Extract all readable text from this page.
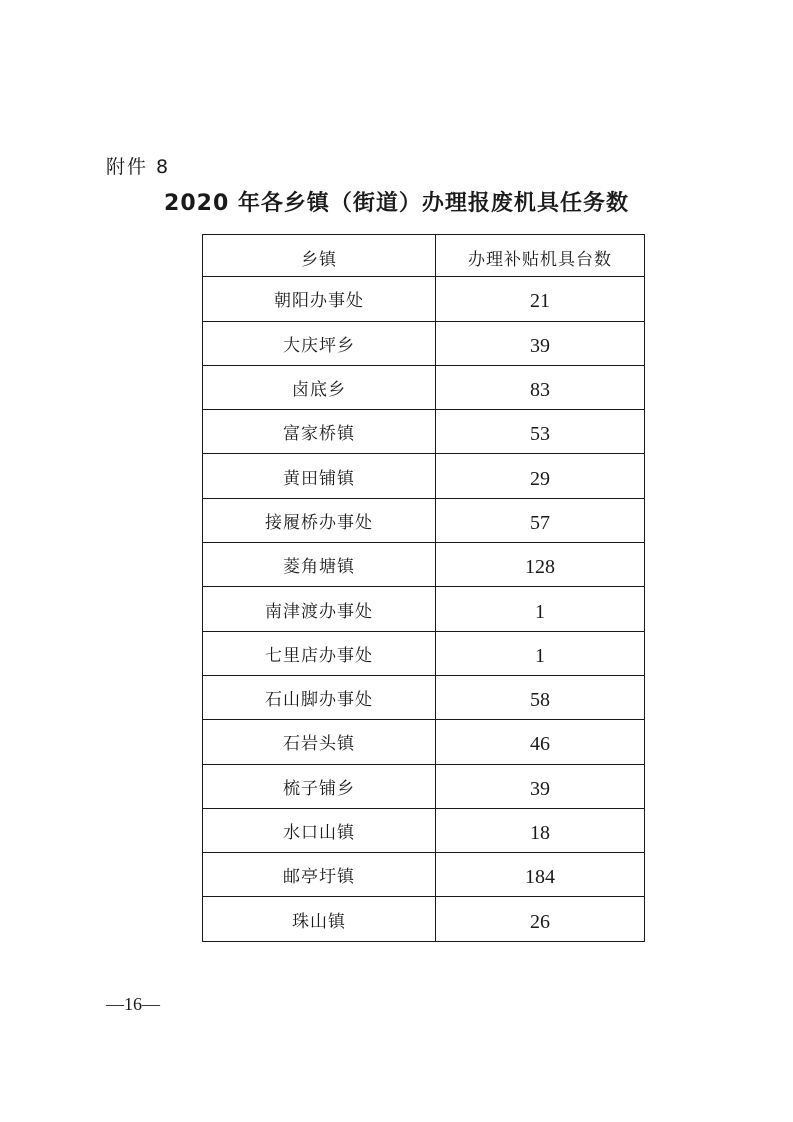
附件 8
2020 年各乡镇（街道）办理报废机具任务数
乡镇	办理补贴机具台数
朝阳办事处	21
大庆坪乡	39
卤底乡	83
富家桥镇	53
黄田铺镇	29
接履桥办事处	57
菱角塘镇	128
南津渡办事处	1
七里店办事处	1
石山脚办事处	58
石岩头镇	46
梳子铺乡	39
水口山镇	18
邮亭圩镇	184
珠山镇	26
—16—
